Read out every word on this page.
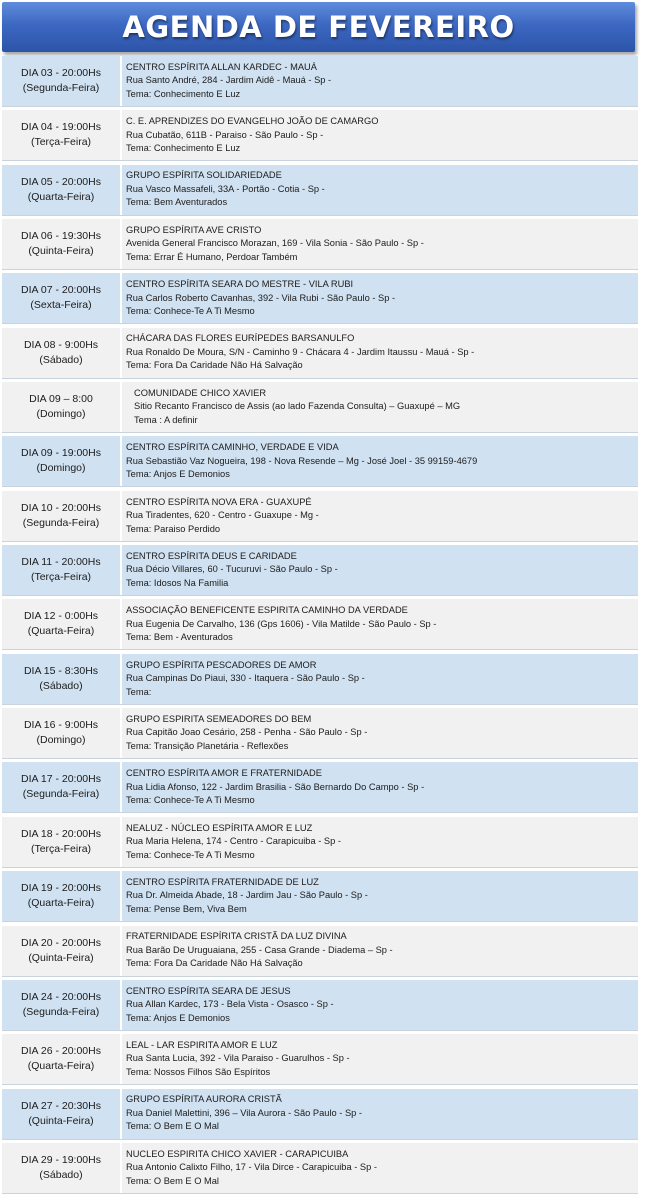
AGENDA DE FEVEREIRO
DIA 03 - 20:00Hs
(Segunda-Feira)
CENTRO ESPÍRITA ALLAN KARDEC - MAUÁ
Rua Santo André, 284 - Jardim Aidê - Mauá - Sp -
Tema: Conhecimento E Luz
DIA 04 - 19:00Hs
(Terça-Feira)
C. E. APRENDIZES DO EVANGELHO JOÃO DE CAMARGO
Rua Cubatão, 611B - Paraiso - São Paulo - Sp -
Tema: Conhecimento E Luz
DIA 05 - 20:00Hs
(Quarta-Feira)
GRUPO ESPÍRITA SOLIDARIEDADE
Rua Vasco Massafeli, 33A - Portão - Cotia - Sp -
Tema: Bem Aventurados
DIA 06 - 19:30Hs
(Quinta-Feira)
GRUPO ESPÍRITA AVE CRISTO
Avenida General Francisco Morazan, 169 - Vila Sonia - São Paulo - Sp -
Tema: Errar É Humano, Perdoar Também
DIA 07 - 20:00Hs
(Sexta-Feira)
CENTRO ESPÍRITA SEARA DO MESTRE - VILA RUBI
Rua Carlos Roberto Cavanhas, 392 - Vila Rubi - São Paulo - Sp -
Tema: Conhece-Te A Ti Mesmo
DIA 08 - 9:00Hs
(Sábado)
CHÁCARA DAS FLORES EURÍPEDES BARSANULFO
Rua Ronaldo De Moura, S/N - Caminho 9 - Chácara 4 - Jardim Itaussu - Mauá - Sp -
Tema: Fora Da Caridade Não Há Salvação
DIA 09 – 8:00
(Domingo)
COMUNIDADE CHICO XAVIER
Sitio Recanto Francisco de Assis (ao lado Fazenda Consulta) – Guaxupé – MG
Tema : A definir
DIA 09 - 19:00Hs
(Domingo)
CENTRO ESPÍRITA CAMINHO, VERDADE E VIDA
Rua Sebastião Vaz Nogueira, 198 - Nova Resende – Mg - José Joel - 35 99159-4679
Tema: Anjos E Demonios
DIA 10 - 20:00Hs
(Segunda-Feira)
CENTRO ESPÍRITA NOVA ERA - GUAXUPÉ
Rua Tiradentes, 620 - Centro - Guaxupe - Mg -
Tema: Paraiso Perdido
DIA 11 - 20:00Hs
(Terça-Feira)
CENTRO ESPÍRITA DEUS E CARIDADE
Rua Décio Villares, 60 - Tucuruvi - São Paulo - Sp -
Tema: Idosos Na Familia
DIA 12 - 0:00Hs
(Quarta-Feira)
ASSOCIAÇÃO BENEFICENTE ESPIRITA CAMINHO DA VERDADE
Rua Eugenia De Carvalho, 136 (Gps 1606) - Vila Matilde - São Paulo - Sp -
Tema: Bem - Aventurados
DIA 15 - 8:30Hs
(Sábado)
GRUPO ESPÍRITA PESCADORES DE AMOR
Rua Campinas Do Piaui, 330 - Itaquera - São Paulo - Sp -
Tema:
DIA 16 - 9:00Hs
(Domingo)
GRUPO ESPIRITA SEMEADORES DO BEM
Rua Capitão Joao Cesário, 258 - Penha - São Paulo - Sp -
Tema: Transição Planetária - Reflexões
DIA 17 - 20:00Hs
(Segunda-Feira)
CENTRO ESPÍRITA AMOR E FRATERNIDADE
Rua Lidia Afonso, 122 - Jardim Brasilia - São Bernardo Do Campo - Sp -
Tema: Conhece-Te A Ti Mesmo
DIA 18 - 20:00Hs
(Terça-Feira)
NEALUZ - NÚCLEO ESPÍRITA AMOR E LUZ
Rua Maria Helena, 174 - Centro - Carapicuiba - Sp -
Tema: Conhece-Te A Ti Mesmo
DIA 19 - 20:00Hs
(Quarta-Feira)
CENTRO ESPÍRITA FRATERNIDADE DE LUZ
Rua Dr. Almeida Abade, 18 - Jardim Jau - São Paulo - Sp -
Tema: Pense Bem, Viva Bem
DIA 20 - 20:00Hs
(Quinta-Feira)
FRATERNIDADE ESPÍRITA CRISTÃ DA LUZ DIVINA
Rua Barão De Uruguaiana, 255 - Casa Grande - Diadema – Sp -
Tema: Fora Da Caridade Não Há Salvação
DIA 24 - 20:00Hs
(Segunda-Feira)
CENTRO ESPÍRITA SEARA DE JESUS
Rua Allan Kardec, 173 - Bela Vista - Osasco - Sp -
Tema: Anjos E Demonios
DIA 26 - 20:00Hs
(Quarta-Feira)
LEAL - LAR ESPIRITA AMOR E LUZ
Rua Santa Lucia, 392 - Vila Paraiso - Guarulhos - Sp -
Tema: Nossos Filhos São Espíritos
DIA 27 - 20:30Hs
(Quinta-Feira)
GRUPO ESPÍRITA AURORA CRISTÃ
Rua Daniel Malettini, 396 – Vila Aurora - São Paulo - Sp -
Tema: O Bem E O Mal
DIA 29 - 19:00Hs
(Sábado)
NUCLEO ESPIRITA CHICO XAVIER - CARAPICUIBA
Rua Antonio Calixto Filho, 17 - Vila Dirce - Carapicuiba - Sp -
Tema: O Bem E O Mal
